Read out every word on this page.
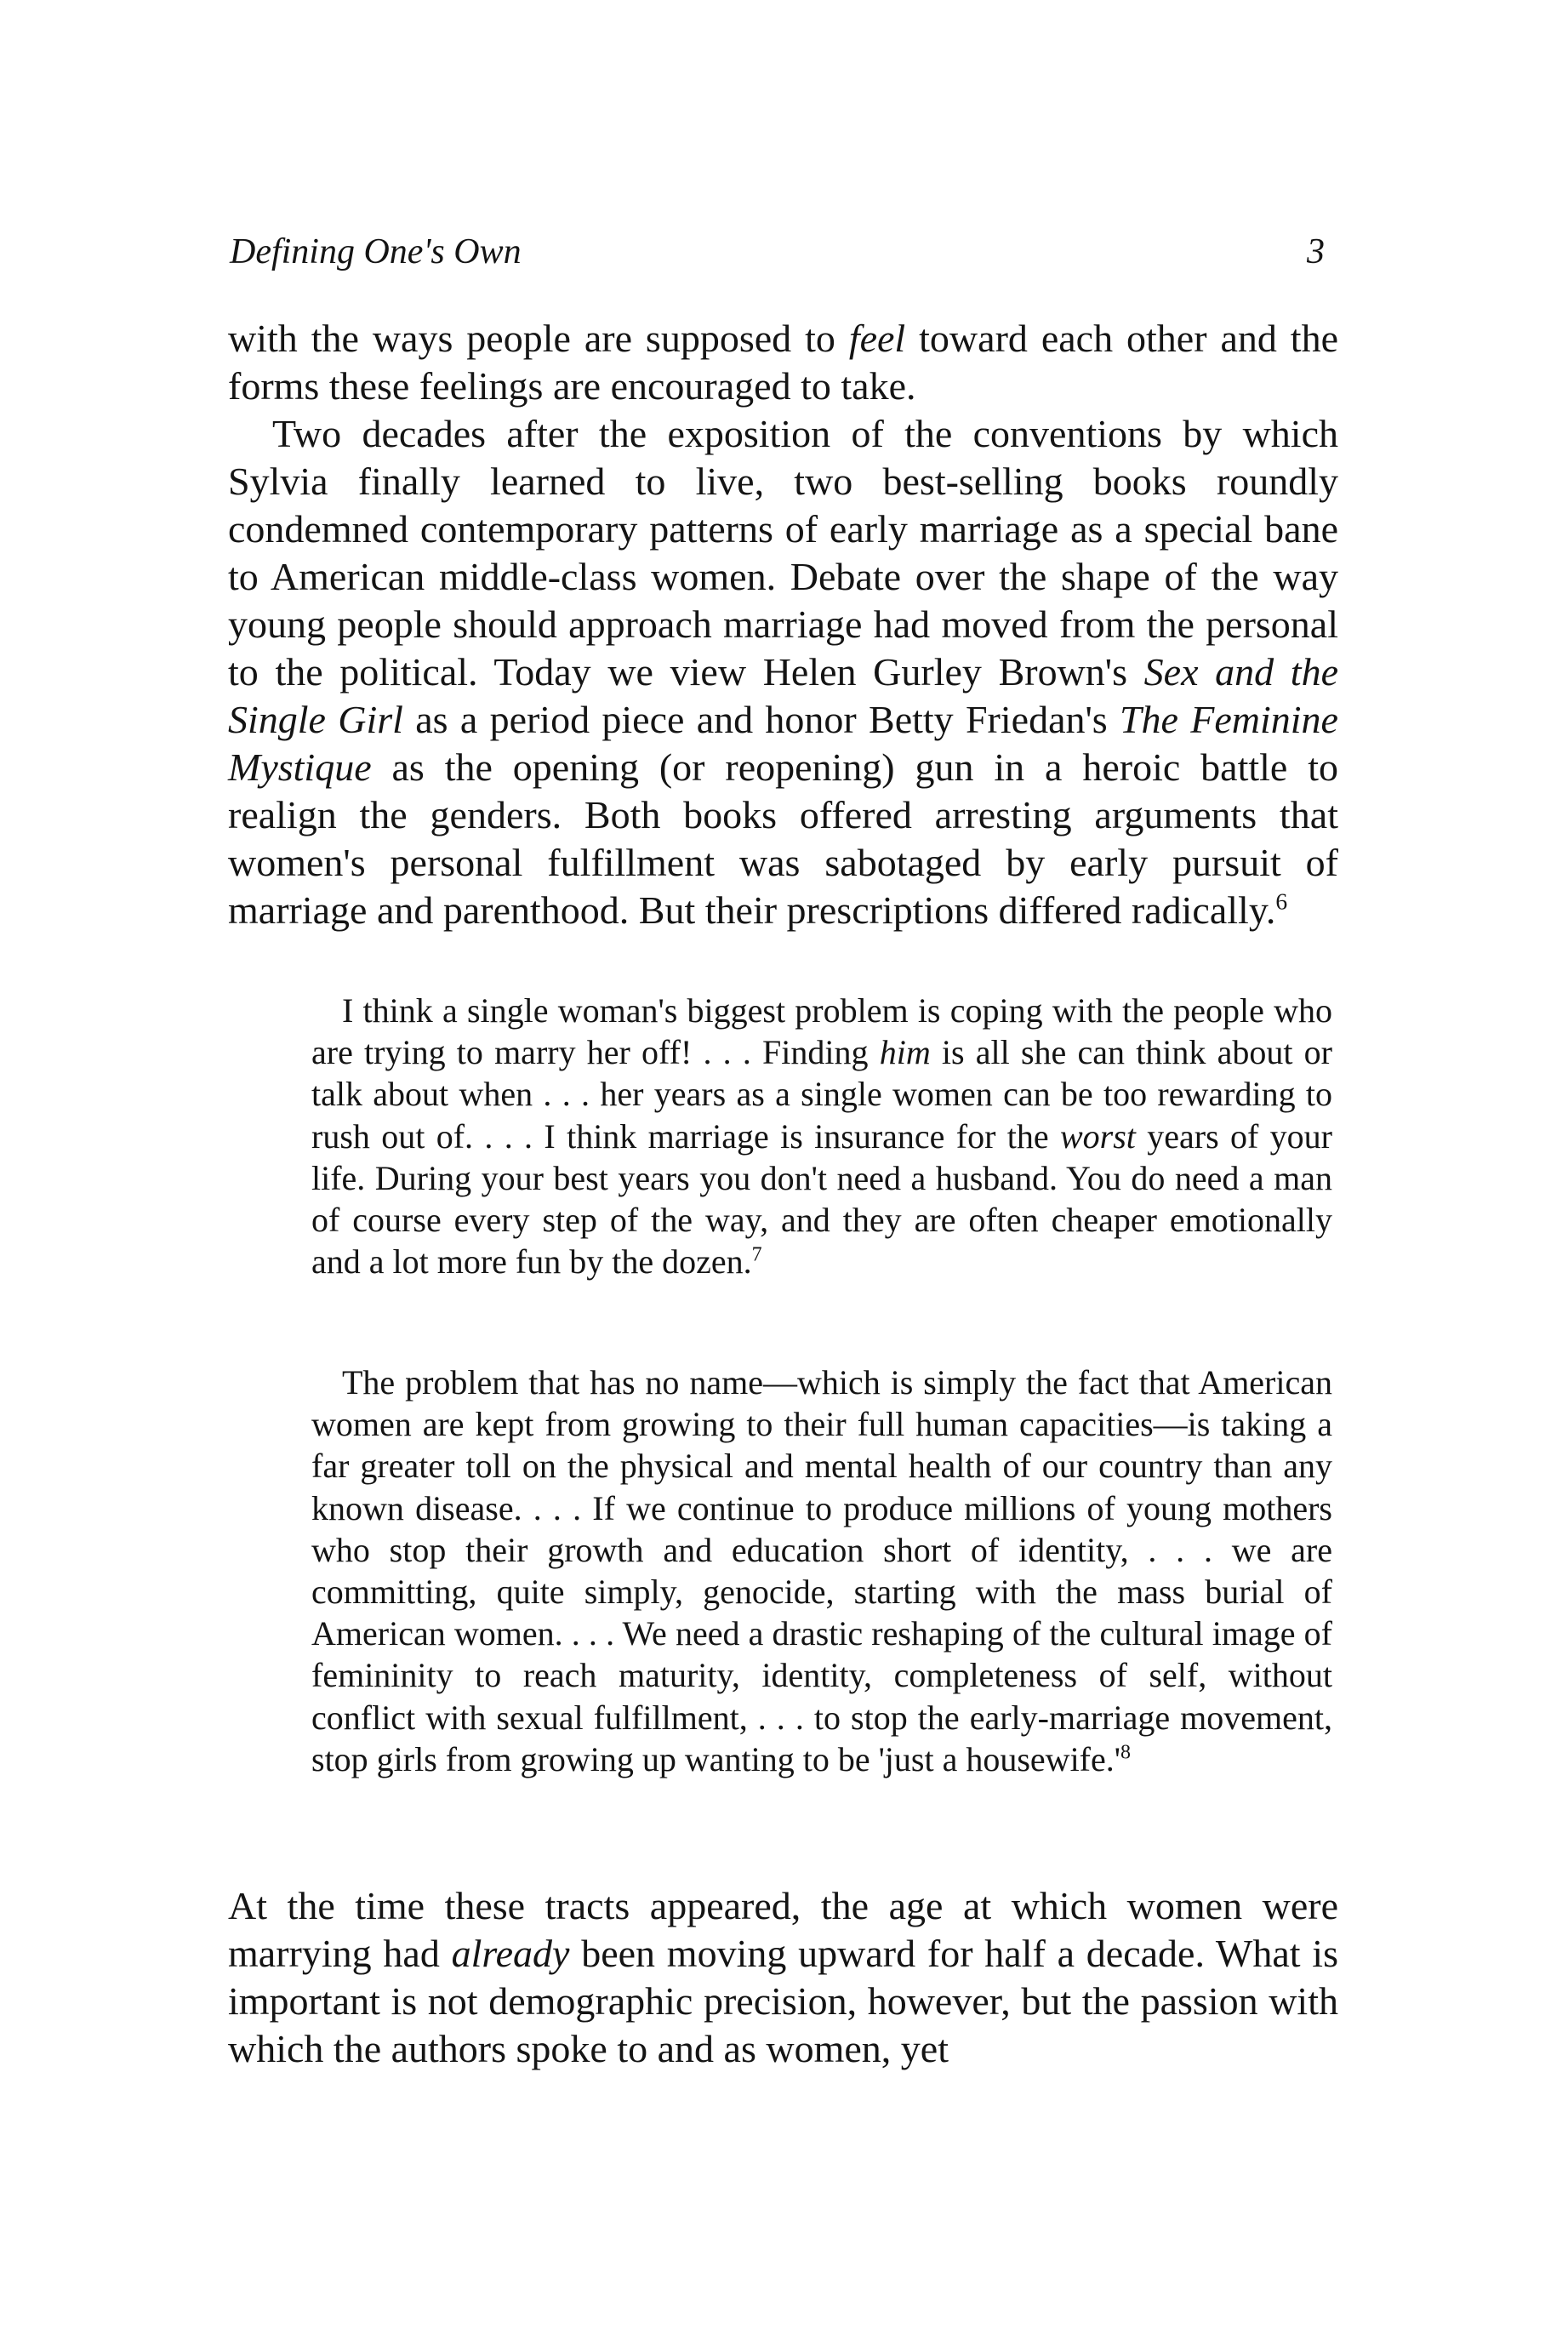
Defining One's Own	3

with the ways people are supposed to feel toward each other and the forms these feelings are encouraged to take.

Two decades after the exposition of the conventions by which Sylvia finally learned to live, two best-selling books roundly condemned contemporary patterns of early marriage as a special bane to American middle-class women. Debate over the shape of the way young people should approach marriage had moved from the personal to the political. Today we view Helen Gurley Brown's Sex and the Single Girl as a period piece and honor Betty Friedan's The Feminine Mystique as the opening (or reopening) gun in a heroic battle to realign the genders. Both books offered arresting arguments that women's personal fulfillment was sabotaged by early pursuit of marriage and parenthood. But their prescriptions differed radically.$^6$

I think a single woman's biggest problem is coping with the people who are trying to marry her off! . . . Finding him is all she can think about or talk about when . . . her years as a single women can be too rewarding to rush out of. . . . I think marriage is insurance for the worst years of your life. During your best years you don't need a husband. You do need a man of course every step of the way, and they are often cheaper emotionally and a lot more fun by the dozen.$^7$

The problem that has no name—which is simply the fact that American women are kept from growing to their full human capacities—is taking a far greater toll on the physical and mental health of our country than any known disease. . . . If we continue to produce millions of young mothers who stop their growth and education short of identity, . . . we are committing, quite simply, genocide, starting with the mass burial of American women. . . . We need a drastic reshaping of the cultural image of femininity to reach maturity, identity, completeness of self, without conflict with sexual fulfillment, . . . to stop the early-marriage movement, stop girls from growing up wanting to be 'just a $housewife.'^8$

At the time these tracts appeared, the age at which women were marrying had already been moving upward for half a decade. What is important is not demographic precision, however, but the passion with which the authors spoke to and as women, yet
